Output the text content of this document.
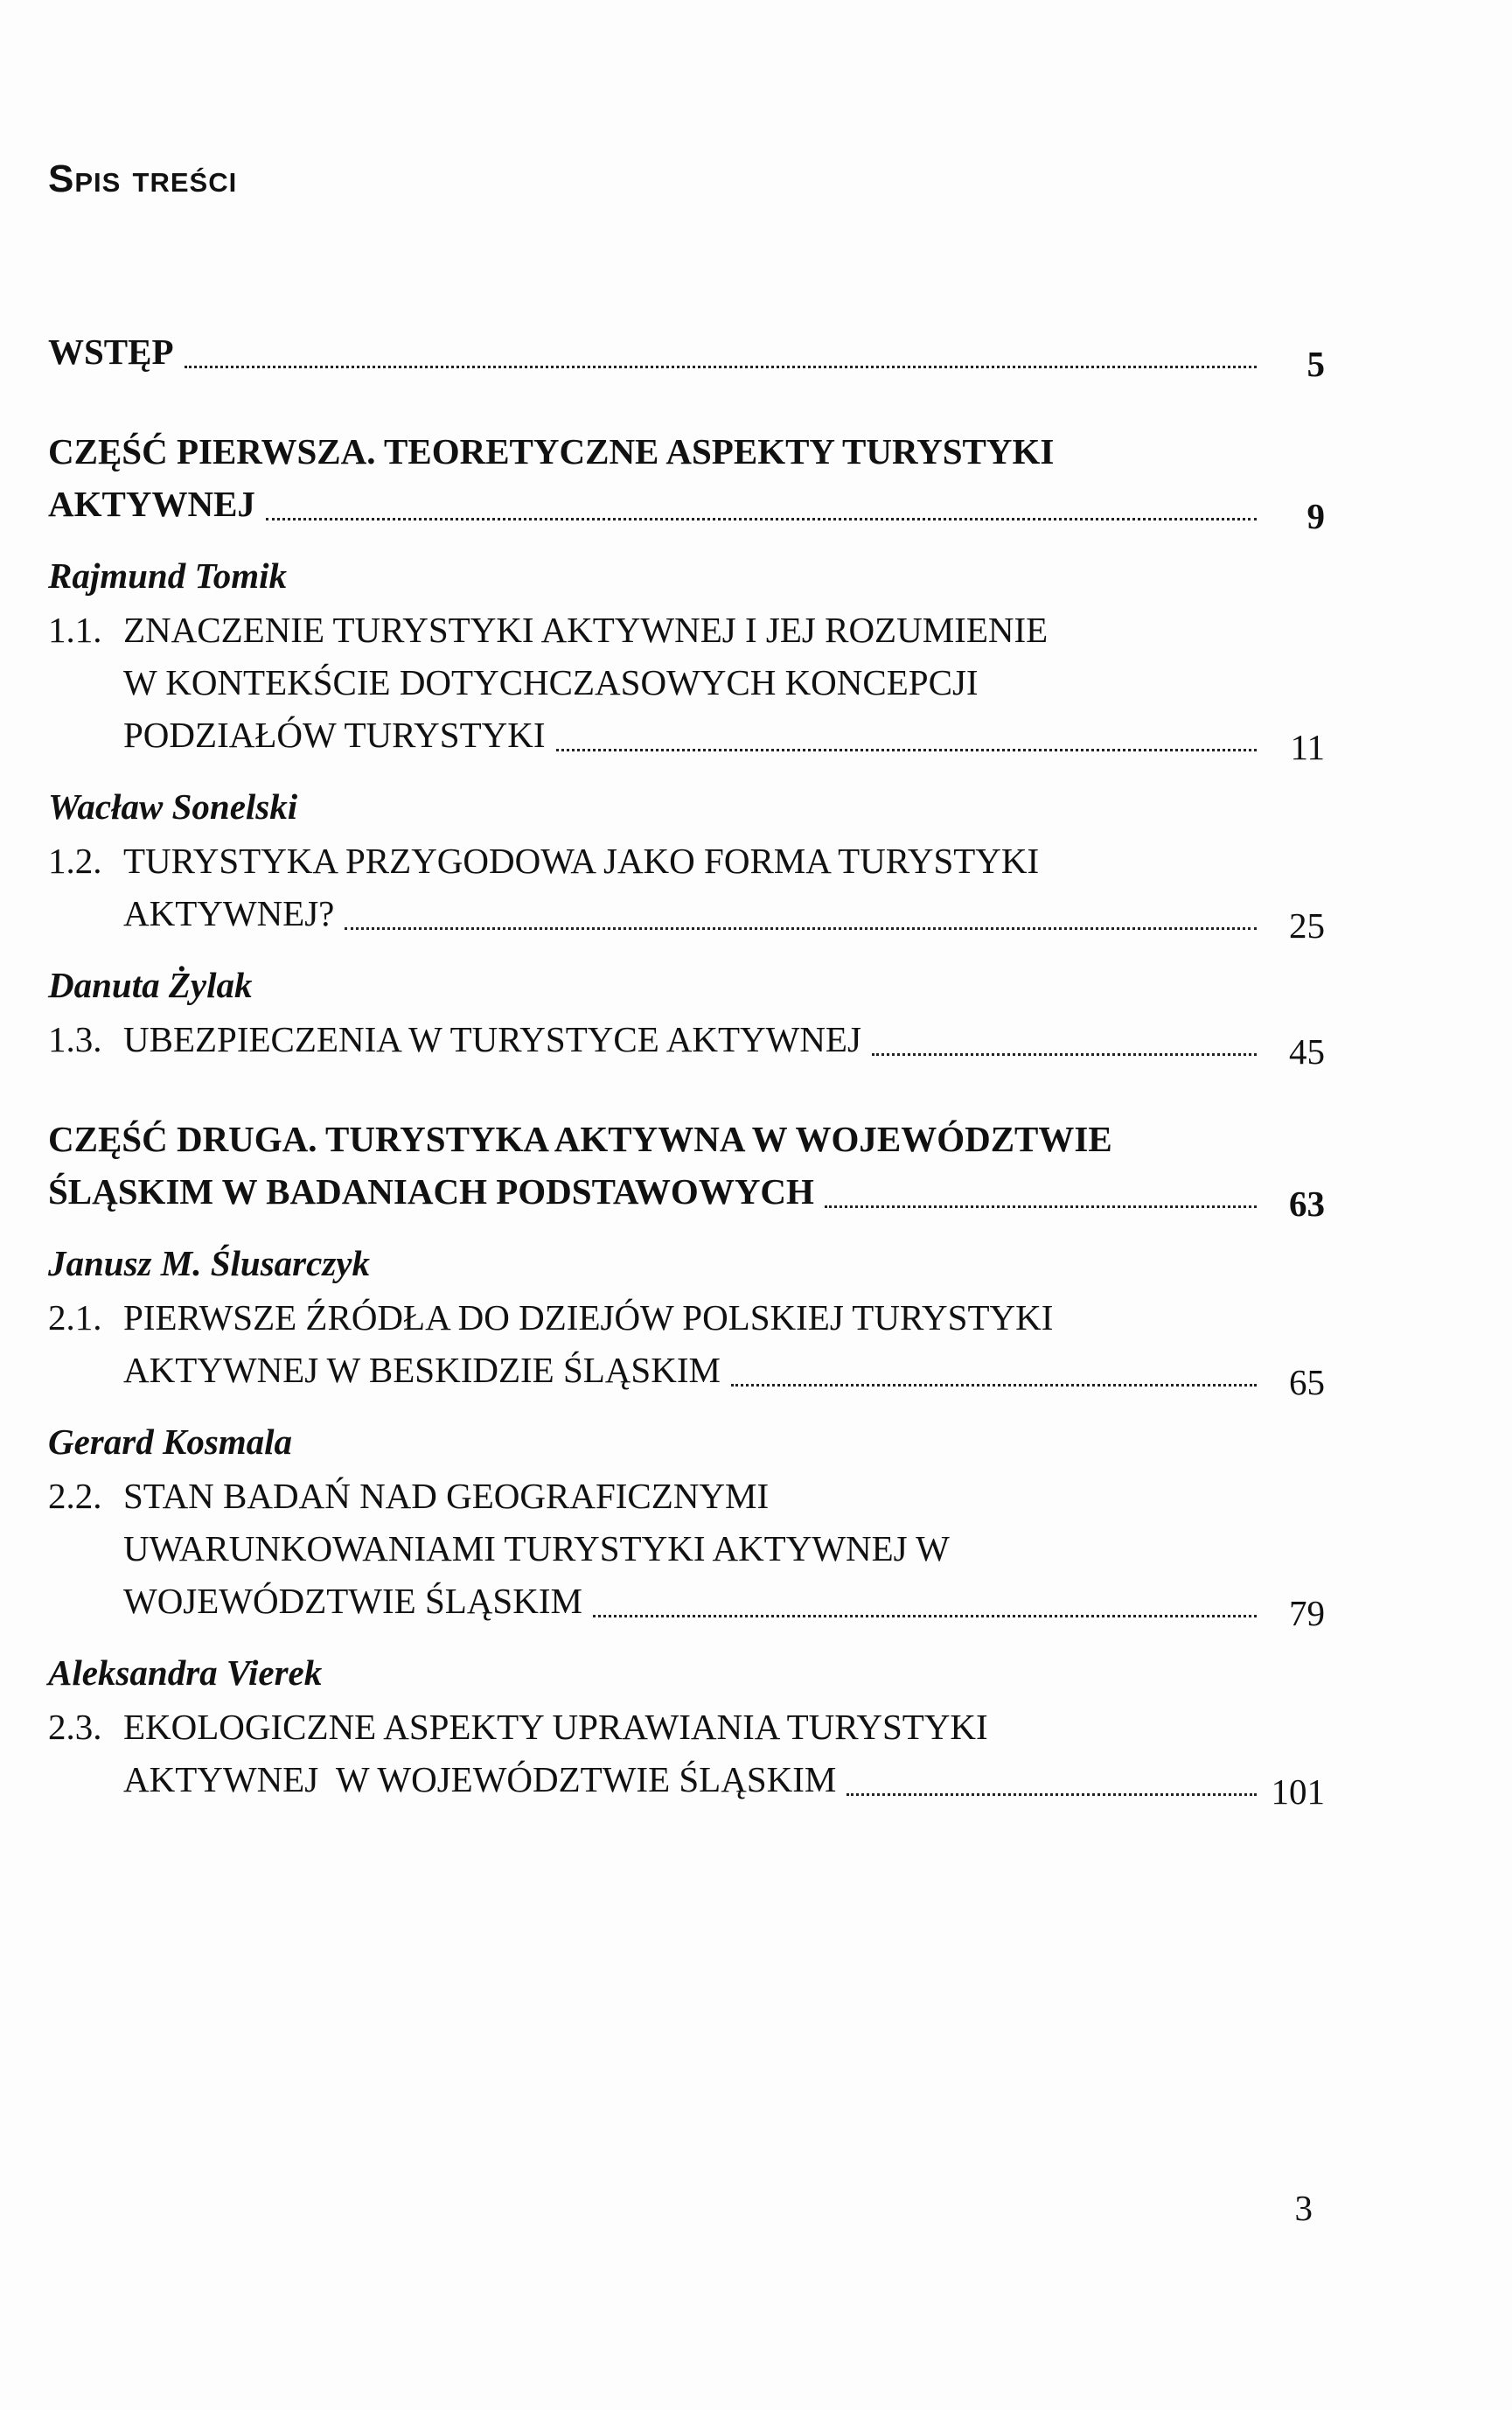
Spis treści
WSTĘP	5
CZĘŚĆ PIERWSZA. TEORETYCZNE ASPEKTY TURYSTYKI
AKTYWNEJ	9
Rajmund Tomik
1.1. ZNACZENIE TURYSTYKI AKTYWNEJ I JEJ ROZUMIENIE
W KONTEKŚCIE DOTYCHCZASOWYCH KONCEPCJI
PODZIAŁÓW TURYSTYKI	11
Wacław Sonelski
1.2. TURYSTYKA PRZYGODOWA JAKO FORMA TURYSTYKI
AKTYWNEJ?	25
Danuta Żylak
1.3. UBEZPIECZENIA W TURYSTYCE AKTYWNEJ	45
CZĘŚĆ DRUGA. TURYSTYKA AKTYWNA W WOJEWÓDZTWIE
ŚLĄSKIM W BADANIACH PODSTAWOWYCH	63
Janusz M. Ślusarczyk
2.1. PIERWSZE ŹRÓDŁA DO DZIEJÓW POLSKIEJ TURYSTYKI
AKTYWNEJ W BESKIDZIE ŚLĄSKIM	65
Gerard Kosmala
2.2. STAN BADAŃ NAD GEOGRAFICZNYMI
UWARUNKOWANIAMI TURYSTYKI AKTYWNEJ W
WOJEWÓDZTWIE ŚLĄSKIM	79
Aleksandra Vierek
2.3. EKOLOGICZNE ASPEKTY UPRAWIANIA TURYSTYKI
AKTYWNEJ  W WOJEWÓDZTWIE ŚLĄSKIM	101
3
